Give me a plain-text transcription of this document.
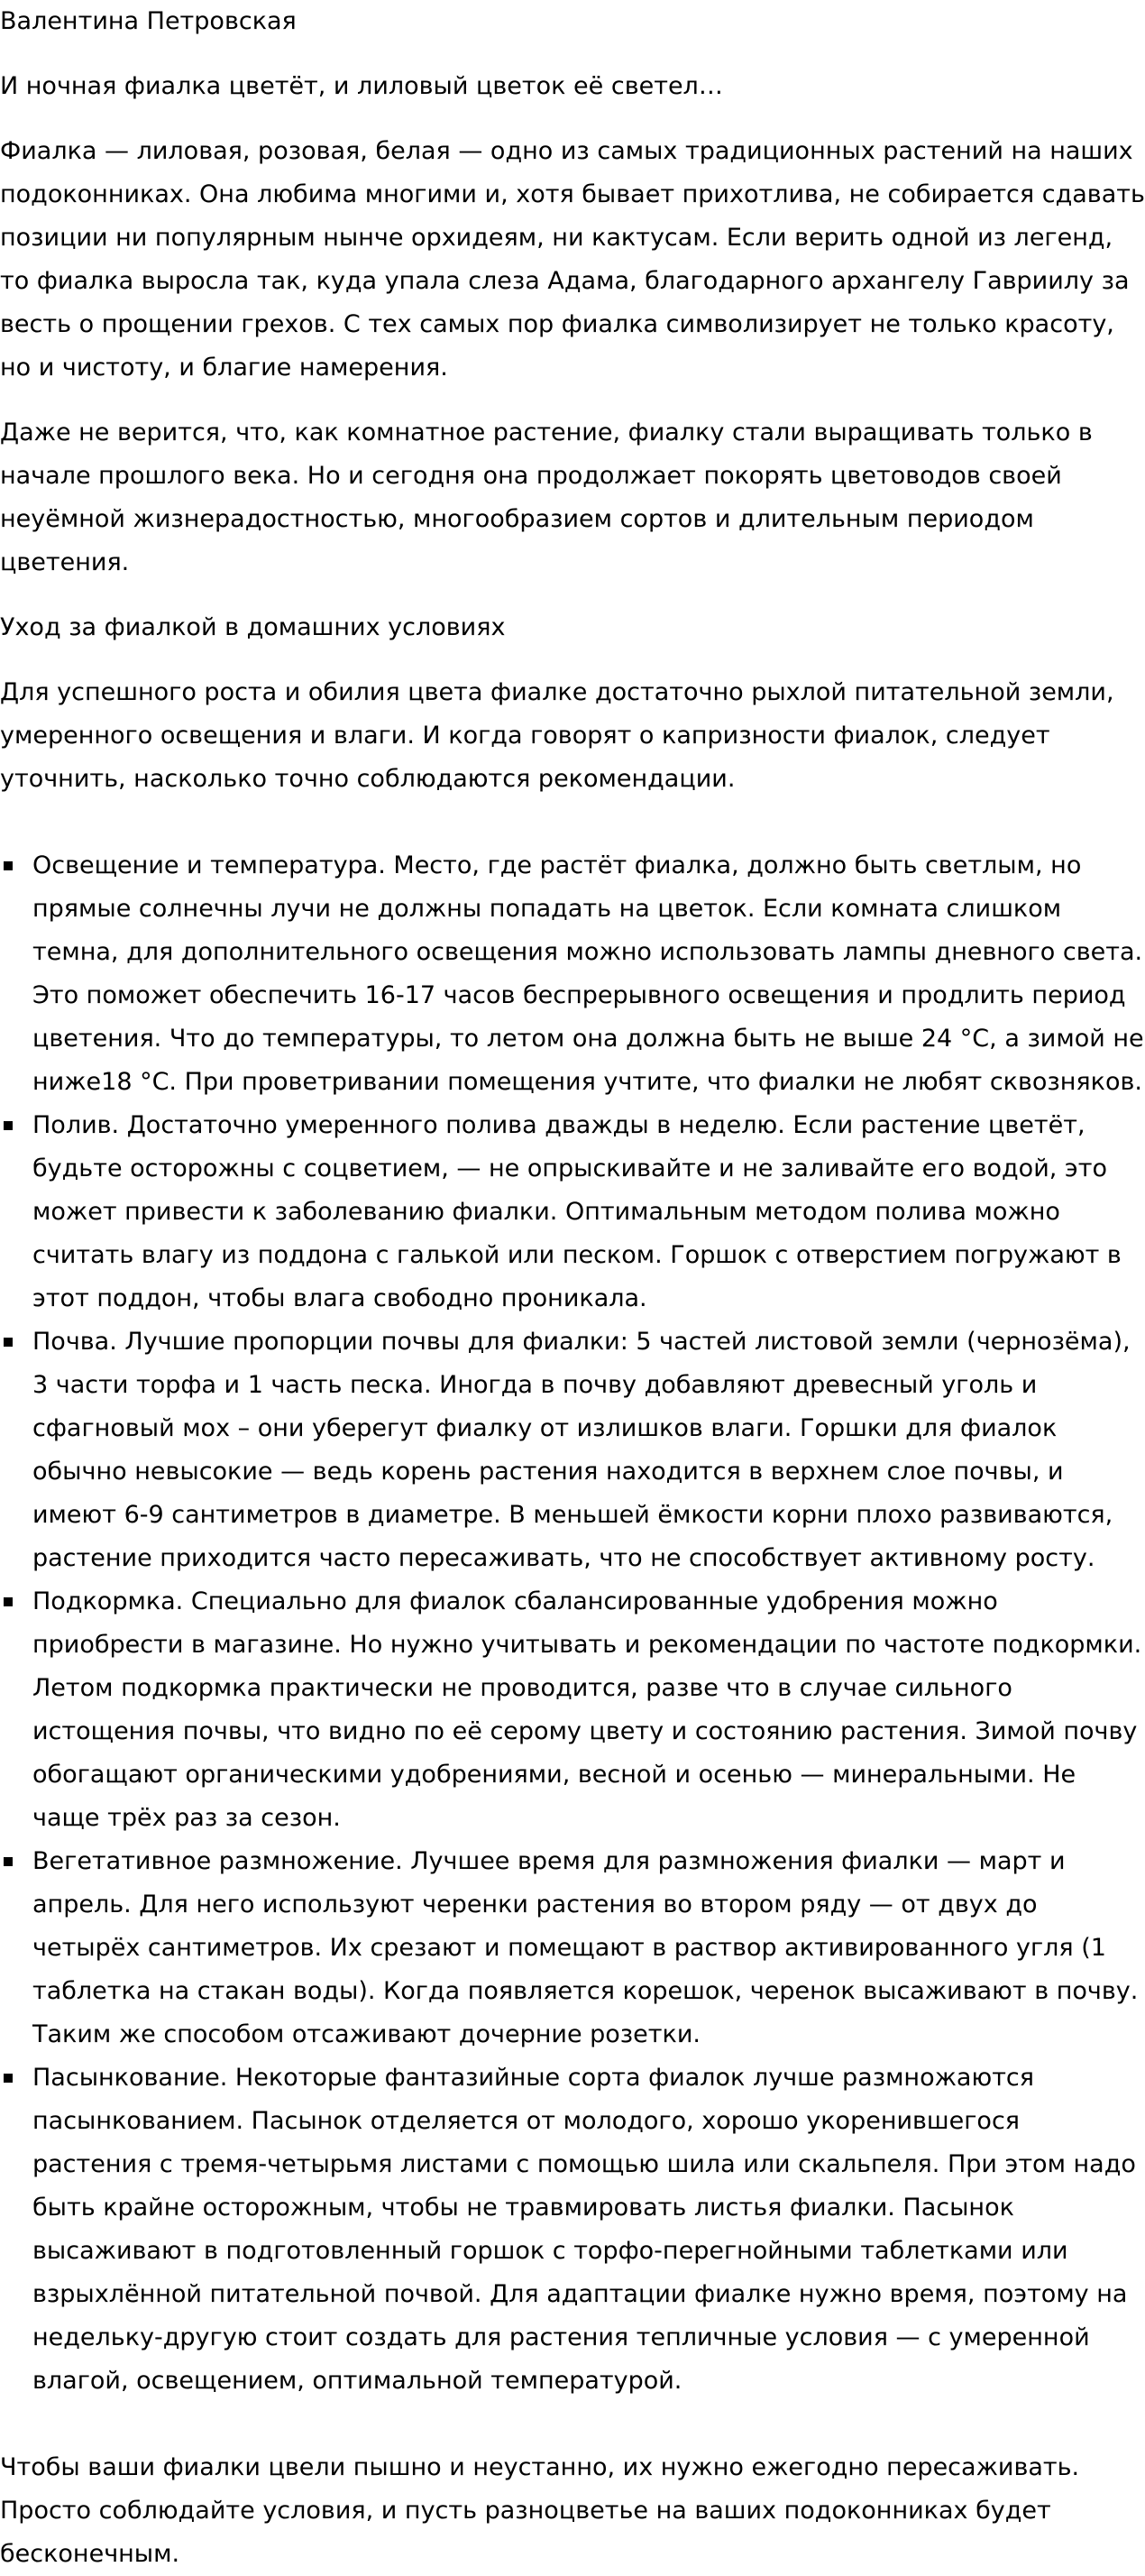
Валентина Петровская

И ночная фиалка цветёт, и лиловый цветок её светел…

Фиалка — лиловая, розовая, белая — одно из самых традиционных растений на наших подоконниках. Она любима многими и, хотя бывает прихотлива, не собирается сдавать позиции ни популярным нынче орхидеям, ни кактусам. Если верить одной из легенд, то фиалка выросла так, куда упала слеза Адама, благодарного архангелу Гавриилу за весть о прощении грехов. С тех самых пор фиалка символизирует не только красоту, но и чистоту, и благие намерения.

Даже не верится, что, как комнатное растение, фиалку стали выращивать только в начале прошлого века. Но и сегодня она продолжает покорять цветоводов своей неуёмной жизнерадостностью, многообразием сортов и длительным периодом цветения.

Уход за фиалкой в домашних условиях

Для успешного роста и обилия цвета фиалке достаточно рыхлой питательной земли, умеренного освещения и влаги. И когда говорят о капризности фиалок, следует уточнить, насколько точно соблюдаются рекомендации.

Освещение и температура. Место, где растёт фиалка, должно быть светлым, но прямые солнечны лучи не должны попадать на цветок. Если комната слишком темна, для дополнительного освещения можно использовать лампы дневного света. Это поможет обеспечить 16-17 часов беспрерывного освещения и продлить период цветения. Что до температуры, то летом она должна быть не выше 24 °С, а зимой не ниже18 °С. При проветривании помещения учтите, что фиалки не любят сквозняков.
Полив. Достаточно умеренного полива дважды в неделю. Если растение цветёт, будьте осторожны с соцветием, — не опрыскивайте и не заливайте его водой, это может привести к заболеванию фиалки. Оптимальным методом полива можно считать влагу из поддона с галькой или песком. Горшок с отверстием погружают в этот поддон, чтобы влага свободно проникала.
Почва. Лучшие пропорции почвы для фиалки: 5 частей листовой земли (чернозёма), 3 части торфа и 1 часть песка. Иногда в почву добавляют древесный уголь и сфагновый мох – они уберегут фиалку от излишков влаги. Горшки для фиалок обычно невысокие — ведь корень растения находится в верхнем слое почвы, и имеют 6-9 сантиметров в диаметре. В меньшей ёмкости корни плохо развиваются, растение приходится часто пересаживать, что не способствует активному росту.
Подкормка. Специально для фиалок сбалансированные удобрения можно приобрести в магазине. Но нужно учитывать и рекомендации по частоте подкормки. Летом подкормка практически не проводится, разве что в случае сильного истощения почвы, что видно по её серому цвету и состоянию растения. Зимой почву обогащают органическими удобрениями, весной и осенью — минеральными. Не чаще трёх раз за сезон.
Вегетативное размножение. Лучшее время для размножения фиалки — март и апрель. Для него используют черенки растения во втором ряду — от двух до четырёх сантиметров. Их срезают и помещают в раствор активированного угля (1 таблетка на стакан воды). Когда появляется корешок, черенок высаживают в почву. Таким же способом отсаживают дочерние розетки.
Пасынкование. Некоторые фантазийные сорта фиалок лучше размножаются пасынкованием. Пасынок отделяется от молодого, хорошо укоренившегося растения с тремя-четырьмя листами с помощью шила или скальпеля. При этом надо быть крайне осторожным, чтобы не травмировать листья фиалки. Пасынок высаживают в подготовленный горшок с торфо-перегнойными таблетками или взрыхлённой питательной почвой. Для адаптации фиалке нужно время, поэтому на недельку-другую стоит создать для растения тепличные условия — с умеренной влагой, освещением, оптимальной температурой.

Чтобы ваши фиалки цвели пышно и неустанно, их нужно ежегодно пересаживать. Просто соблюдайте условия, и пусть разноцветье на ваших подоконниках будет бесконечным.
